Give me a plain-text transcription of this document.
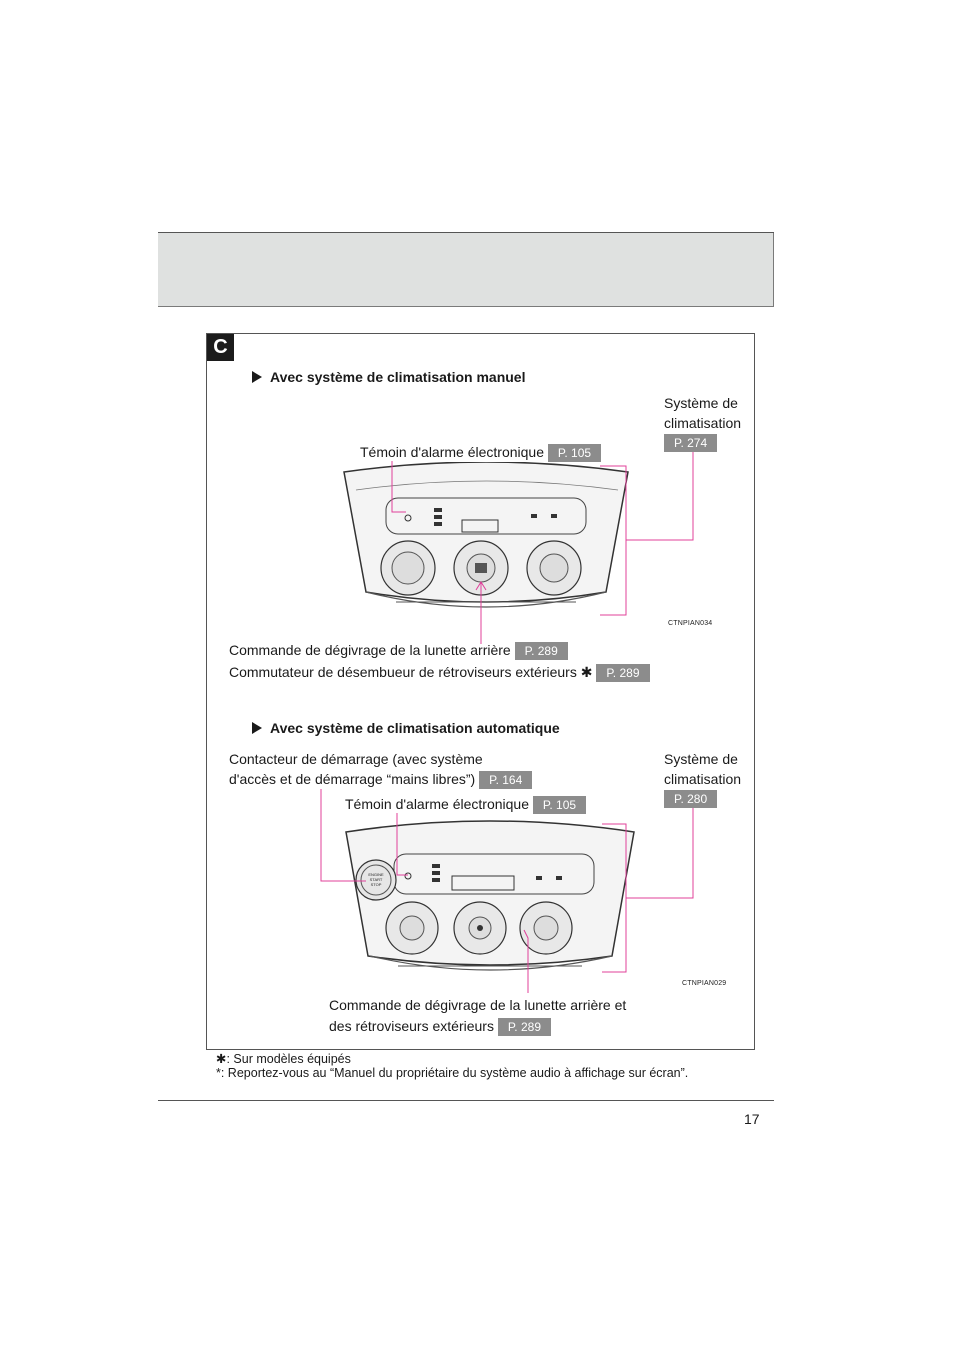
C
Avec système de climatisation manuel
Système de
climatisation
P. 274
Témoin d'alarme électronique P. 105
CTNPIAN034
Commande de dégivrage de la lunette arrière P. 289
Commutateur de désembueur de rétroviseurs extérieurs ✱ P. 289
Avec système de climatisation automatique
Contacteur de démarrage (avec système
d'accès et de démarrage “mains libres”) P. 164
Système de
climatisation
P. 280
Témoin d'alarme électronique P. 105
ENGINE
START
STOP
CTNPIAN029
Commande de dégivrage de la lunette arrière et
des rétroviseurs extérieurs P. 289
✱: Sur modèles équipés
*: Reportez-vous au “Manuel du propriétaire du système audio à affichage sur écran”.
17
